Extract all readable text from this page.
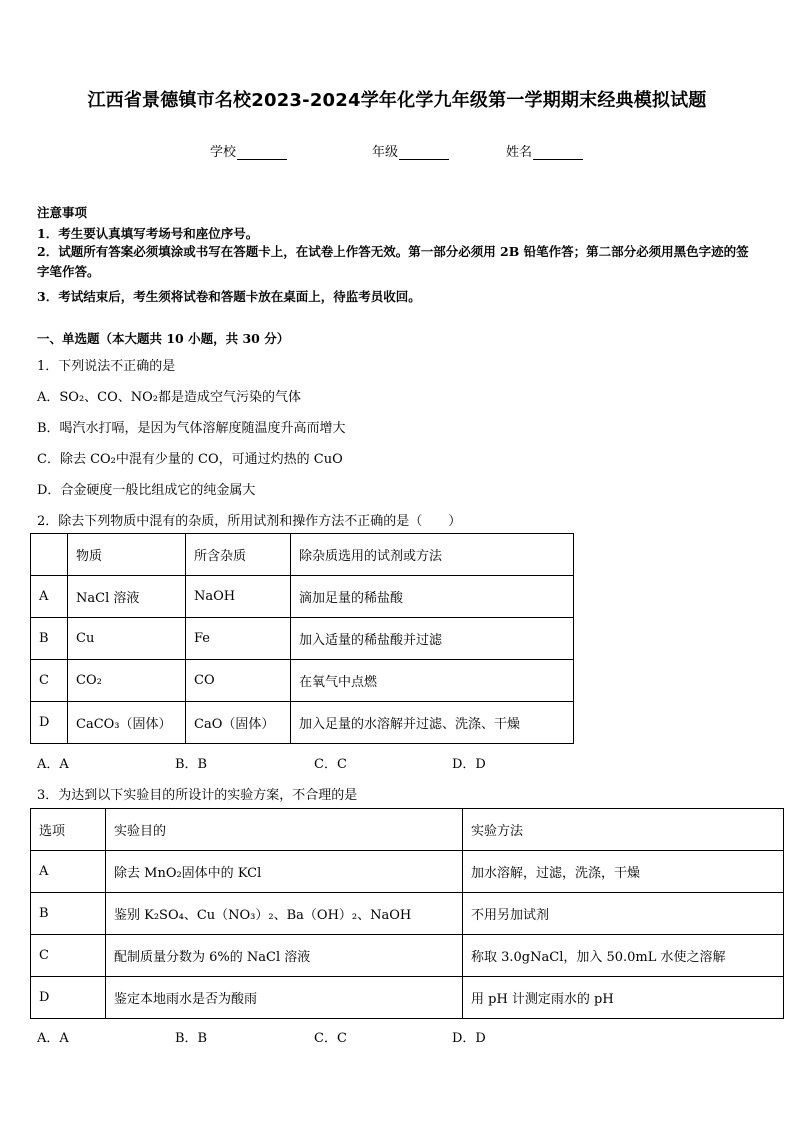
江西省景德镇市名校2023-2024学年化学九年级第一学期期末经典模拟试题
学校	年级	姓名
注意事项
1．考生要认真填写考场号和座位序号。
2．试题所有答案必须填涂或书写在答题卡上，在试卷上作答无效。第一部分必须用 2B 铅笔作答；第二部分必须用黑色字迹的签字笔作答。
3．考试结束后，考生须将试卷和答题卡放在桌面上，待监考员收回。
一、单选题（本大题共 10 小题，共 30 分）
1．下列说法不正确的是
A．SO₂、CO、NO₂都是造成空气污染的气体
B．喝汽水打嗝，是因为气体溶解度随温度升高而增大
C．除去 CO₂中混有少量的 CO，可通过灼热的 CuO
D．合金硬度一般比组成它的纯金属大
2．除去下列物质中混有的杂质，所用试剂和操作方法不正确的是（　　）
	物质	所含杂质	除杂质选用的试剂或方法
A	NaCl 溶液	NaOH	滴加足量的稀盐酸
B	Cu	Fe	加入适量的稀盐酸并过滤
C	CO₂	CO	在氧气中点燃
D	CaCO₃（固体）	CaO（固体）	加入足量的水溶解并过滤、洗涤、干燥
A．A	B．B	C．C	D．D
3．为达到以下实验目的所设计的实验方案，不合理的是
选项	实验目的	实验方法
A	除去 MnO₂固体中的 KCl	加水溶解，过滤，洗涤，干燥
B	鉴别 K₂SO₄、Cu（NO₃）₂、Ba（OH）₂、NaOH	不用另加试剂
C	配制质量分数为 6%的 NaCl 溶液	称取 3.0gNaCl，加入 50.0mL 水使之溶解
D	鉴定本地雨水是否为酸雨	用 pH 计测定雨水的 pH
A．A	B．B	C．C	D．D
